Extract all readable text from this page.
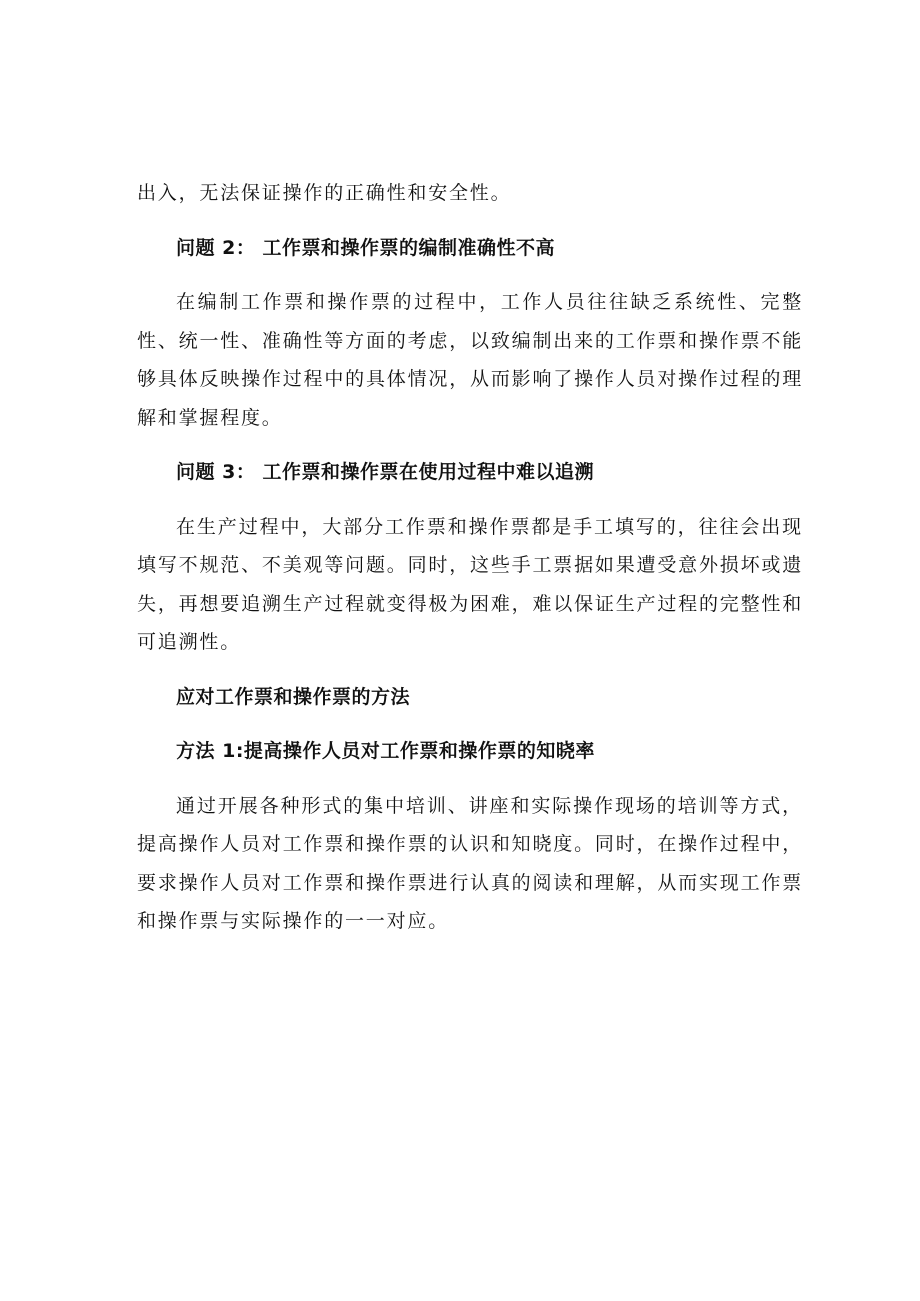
出入，无法保证操作的正确性和安全性。

问题 2： 工作票和操作票的编制准确性不高

在编制工作票和操作票的过程中，工作人员往往缺乏系统性、完整性、统一性、准确性等方面的考虑，以致编制出来的工作票和操作票不能够具体反映操作过程中的具体情况，从而影响了操作人员对操作过程的理解和掌握程度。

问题 3： 工作票和操作票在使用过程中难以追溯

在生产过程中，大部分工作票和操作票都是手工填写的，往往会出现填写不规范、不美观等问题。同时，这些手工票据如果遭受意外损坏或遗失，再想要追溯生产过程就变得极为困难，难以保证生产过程的完整性和可追溯性。

应对工作票和操作票的方法

方法 1:提高操作人员对工作票和操作票的知晓率

通过开展各种形式的集中培训、讲座和实际操作现场的培训等方式，提高操作人员对工作票和操作票的认识和知晓度。同时，在操作过程中，要求操作人员对工作票和操作票进行认真的阅读和理解，从而实现工作票和操作票与实际操作的一一对应。
